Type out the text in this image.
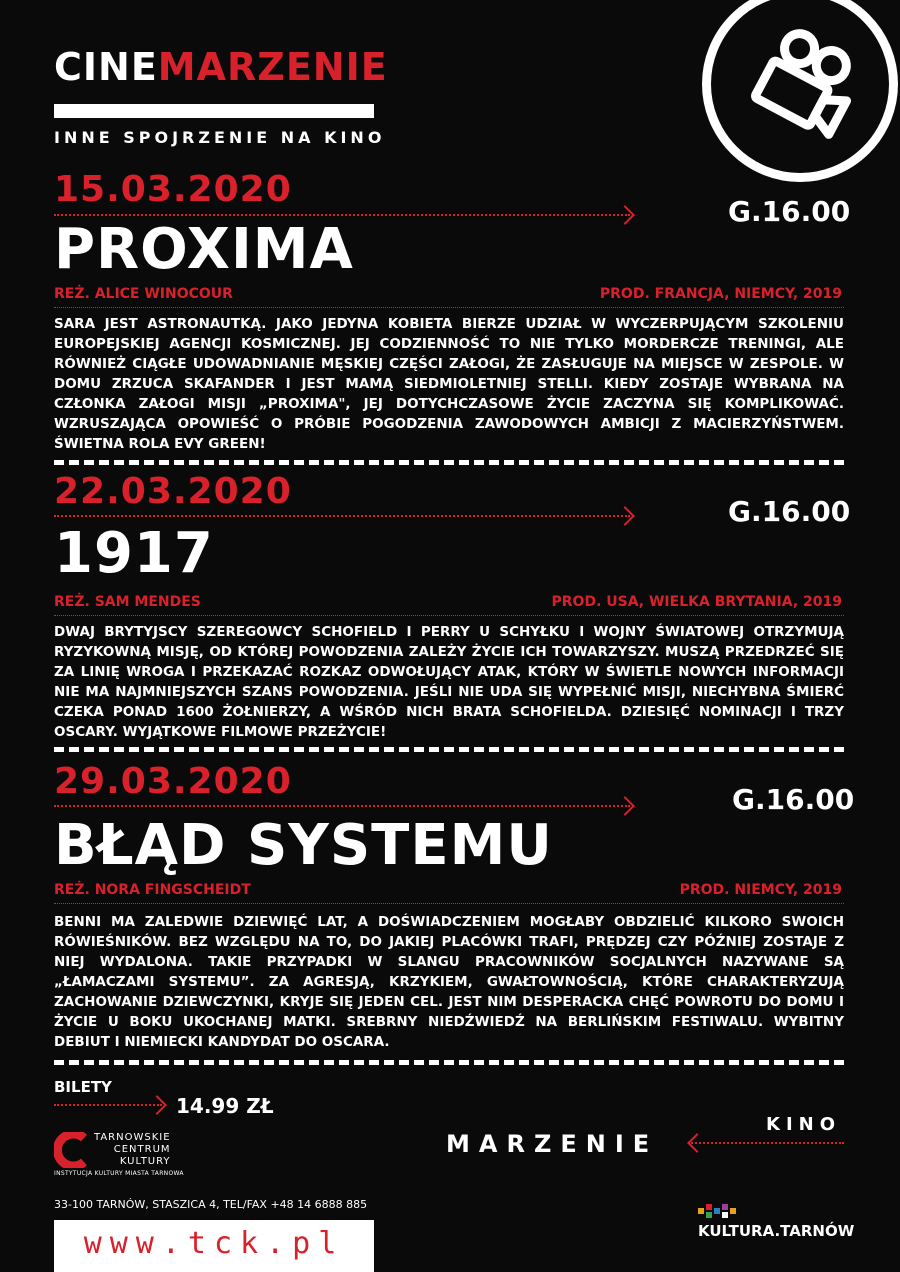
CINEMARZENIE
INNE SPOJRZENIE NA KINO
15.03.2020
G.16.00
PROXIMA
REŻ. ALICE WINOCOUR	PROD. FRANCJA, NIEMCY, 2019
SARA JEST ASTRONAUTKĄ. JAKO JEDYNA KOBIETA BIERZE UDZIAŁ W WYCZERPUJĄCYM SZKOLENIU EUROPEJSKIEJ AGENCJI KOSMICZNEJ. JEJ CODZIENNOŚĆ TO NIE TYLKO MORDERCZE TRENINGI, ALE RÓWNIEŻ CIĄGŁE UDOWADNIANIE MĘSKIEJ CZĘŚCI ZAŁOGI, ŻE ZASŁUGUJE NA MIEJSCE W ZESPOLE. W DOMU ZRZUCA SKAFANDER I JEST MAMĄ SIEDMIOLETNIEJ STELLI. KIEDY ZOSTAJE WYBRANA NA CZŁONKA ZAŁOGI MISJI „PROXIMA", JEJ DOTYCHCZASOWE ŻYCIE ZACZYNA SIĘ KOMPLIKOWAĆ. WZRUSZAJĄCA OPOWIEŚĆ O PRÓBIE POGODZENIA ZAWODOWYCH AMBICJI Z MACIERZYŃSTWEM. ŚWIETNA ROLA EVY GREEN!
22.03.2020	G.16.00
1917
REŻ. SAM MENDES	PROD. USA, WIELKA BRYTANIA, 2019
DWAJ BRYTYJSCY SZEREGOWCY SCHOFIELD I PERRY U SCHYŁKU I WOJNY ŚWIATOWEJ OTRZYMUJĄ RYZYKOWNĄ MISJĘ, OD KTÓREJ POWODZENIA ZALEŻY ŻYCIE ICH TOWARZYSZY. MUSZĄ PRZEDRZEĆ SIĘ ZA LINIĘ WROGA I PRZEKAZAĆ ROZKAZ ODWOŁUJĄCY ATAK, KTÓRY W ŚWIETLE NOWYCH INFORMACJI NIE MA NAJMNIEJSZYCH SZANS POWODZENIA. JEŚLI NIE UDA SIĘ WYPEŁNIĆ MISJI, NIECHYBNA ŚMIERĆ CZEKA PONAD 1600 ŻOŁNIERZY, A WŚRÓD NICH BRATA SCHOFIELDA. DZIESIĘĆ NOMINACJI I TRZY OSCARY. WYJĄTKOWE FILMOWE PRZEŻYCIE!
29.03.2020	G.16.00
BŁĄD SYSTEMU
REŻ. NORA FINGSCHEIDT	PROD. NIEMCY, 2019
BENNI MA ZALEDWIE DZIEWIĘĆ LAT, A DOŚWIADCZENIEM MOGŁABY OBDZIELIĆ KILKORO SWOICH RÓWIEŚNIKÓW. BEZ WZGLĘDU NA TO, DO JAKIEJ PLACÓWKI TRAFI, PRĘDZEJ CZY PÓŹNIEJ ZOSTAJE Z NIEJ WYDALONA. TAKIE PRZYPADKI W SLANGU PRACOWNIKÓW SOCJALNYCH NAZYWANE SĄ „ŁAMACZAMI SYSTEMU”. ZA AGRESJĄ, KRZYKIEM, GWAŁTOWNOŚCIĄ, KTÓRE CHARAKTERYZUJĄ ZACHOWANIE DZIEWCZYNKI, KRYJE SIĘ JEDEN CEL. JEST NIM DESPERACKA CHĘĆ POWROTU DO DOMU I ŻYCIE U BOKU UKOCHANEJ MATKI. SREBRNY NIEDŹWIEDŹ NA BERLIŃSKIM FESTIWALU. WYBITNY DEBIUT I NIEMIECKI KANDYDAT DO OSCARA.
BILETY
14.99 ZŁ
KINO
MARZENIE
TARNOWSKIE
CENTRUM
KULTURY
INSTYTUCJA KULTURY MIASTA TARNOWA
33-100 TARNÓW, STASZICA 4, TEL/FAX +48 14 6888 885
www.tck.pl	KULTURA.TARNÓW
